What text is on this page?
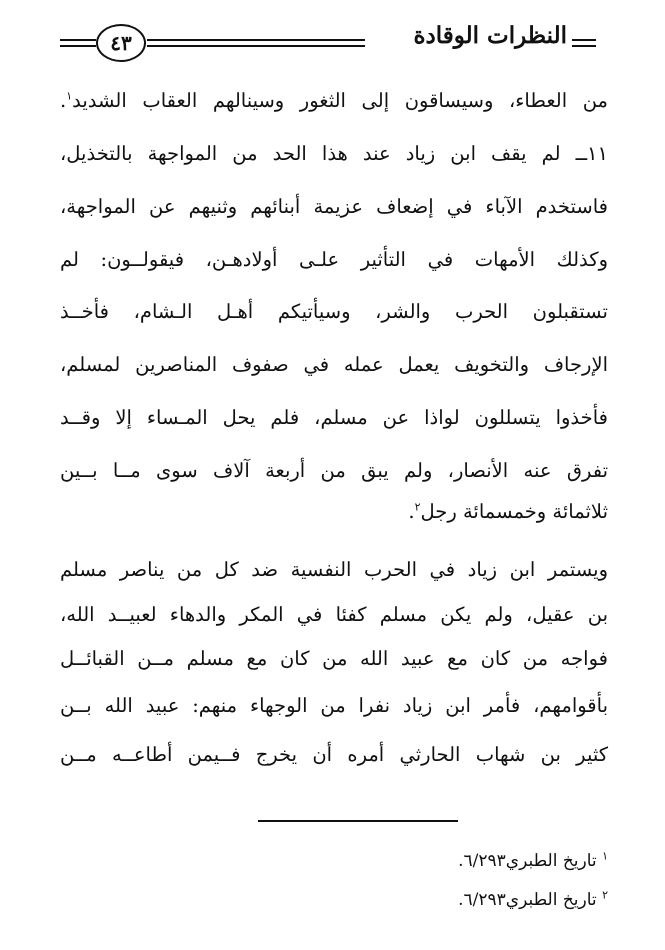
النظرات الوقادة
٤٣
من العطاء، وسيساقون إلى الثغور وسينالهم العقاب الشديد$^١$.
١١ــ لم يقف ابن زياد عند هذا الحد من المواجهة بالتخذيل،
فاستخدم الآباء في إضعاف عزيمة أبنائهم وثنيهم عن المواجهة،
وكذلك الأمهات في التأثير علـى أولادهـن، فيقولــون: لم
تستقبلون الحرب والشر، وسيأتيكم أهـل الـشام، فأخــذ
الإرجاف والتخويف يعمل عمله في صفوف المناصرين لمسلم،
فأخذوا يتسللون لواذا عن مسلم، فلم يحل المـساء إلا وقــد
تفرق عنه الأنصار، ولم يبق من أربعة آلاف سوى مــا بــين
ثلاثمائة وخمسمائة رجل$^٢$.
ويستمر ابن زياد في الحرب النفسية ضد كل من يناصر مسلم
بن عقيل، ولم يكن مسلم كفئا في المكر والدهاء لعبيــد الله،
فواجه من كان مع عبيد الله من كان مع مسلم مــن القبائــل
بأقوامهم، فأمر ابن زياد نفرا من الوجهاء منهم: عبيد الله بــن
كثير بن شهاب الحارثي أمره أن يخرج فــيمن أطاعــه مــن
$^١$ تاريخ الطبري٦/٢٩٣.
$^٢$ تاريخ الطبري٦/٢٩٣.
